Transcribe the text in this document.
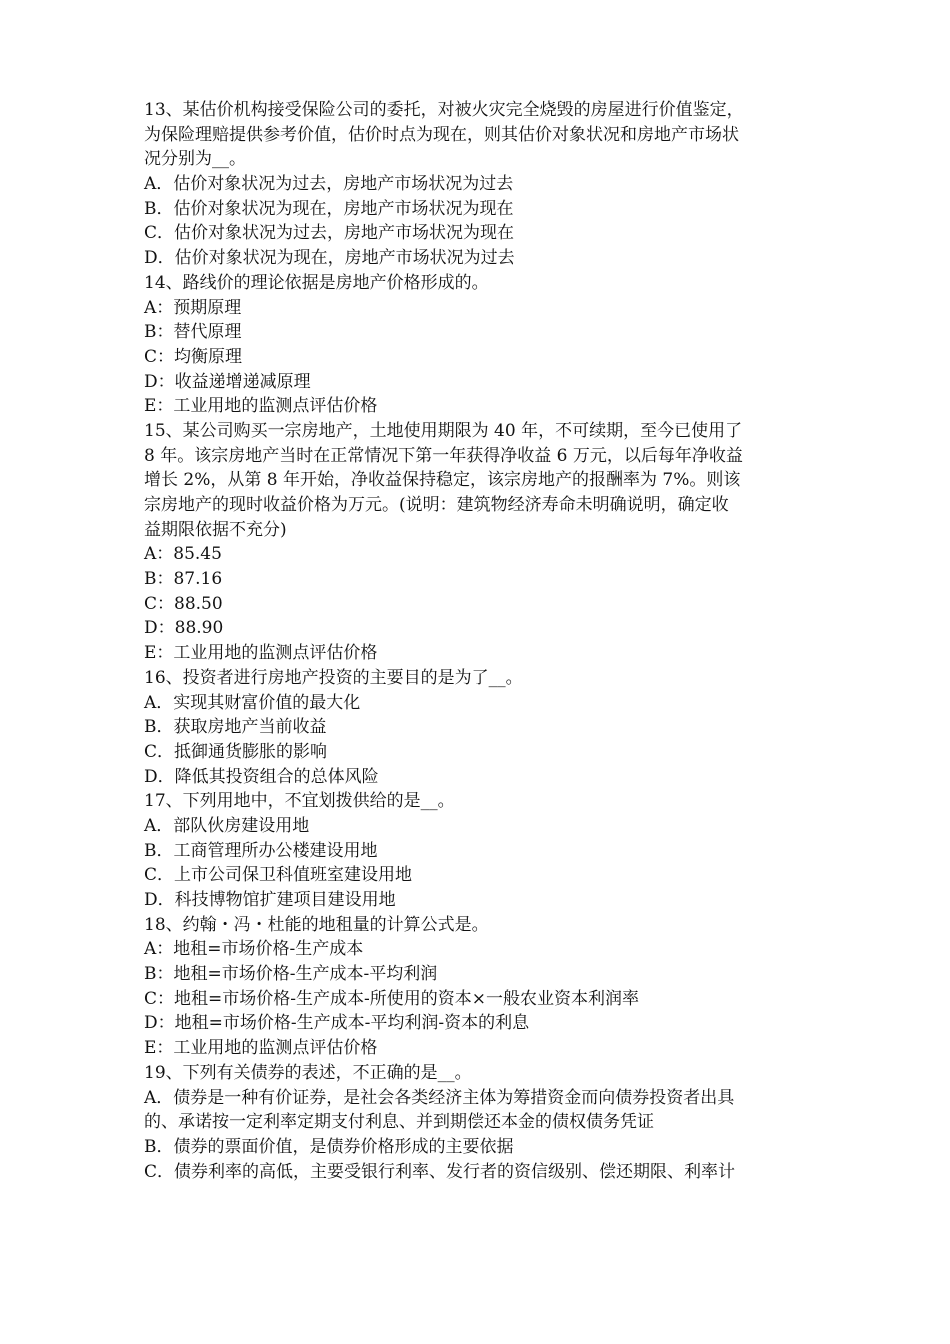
13、某估价机构接受保险公司的委托，对被火灾完全烧毁的房屋进行价值鉴定，
为保险理赔提供参考价值，估价时点为现在，则其估价对象状况和房地产市场状
况分别为__。
A．估价对象状况为过去，房地产市场状况为过去
B．估价对象状况为现在，房地产市场状况为现在
C．估价对象状况为过去，房地产市场状况为现在
D．估价对象状况为现在，房地产市场状况为过去
14、路线价的理论依据是房地产价格形成的。
A：预期原理
B：替代原理
C：均衡原理
D：收益递增递减原理
E：工业用地的监测点评估价格
15、某公司购买一宗房地产，土地使用期限为 40 年，不可续期，至今已使用了
8 年。该宗房地产当时在正常情况下第一年获得净收益 6 万元，以后每年净收益
增长 2%，从第 8 年开始，净收益保持稳定，该宗房地产的报酬率为 7%。则该
宗房地产的现时收益价格为万元。(说明：建筑物经济寿命未明确说明，确定收
益期限依据不充分)
A：85.45
B：87.16
C：88.50
D：88.90
E：工业用地的监测点评估价格
16、投资者进行房地产投资的主要目的是为了__。
A．实现其财富价值的最大化
B．获取房地产当前收益
C．抵御通货膨胀的影响
D．降低其投资组合的总体风险
17、下列用地中，不宜划拨供给的是__。
A．部队伙房建设用地
B．工商管理所办公楼建设用地
C．上市公司保卫科值班室建设用地
D．科技博物馆扩建项目建设用地
18、约翰・冯・杜能的地租量的计算公式是。
A：地租=市场价格-生产成本
B：地租=市场价格-生产成本-平均利润
C：地租=市场价格-生产成本-所使用的资本×一般农业资本利润率
D：地租=市场价格-生产成本-平均利润-资本的利息
E：工业用地的监测点评估价格
19、下列有关债券的表述，不正确的是__。
A．债券是一种有价证券，是社会各类经济主体为筹措资金而向债券投资者出具
的、承诺按一定利率定期支付利息、并到期偿还本金的债权债务凭证
B．债券的票面价值，是债券价格形成的主要依据
C．债券利率的高低，主要受银行利率、发行者的资信级别、偿还期限、利率计
